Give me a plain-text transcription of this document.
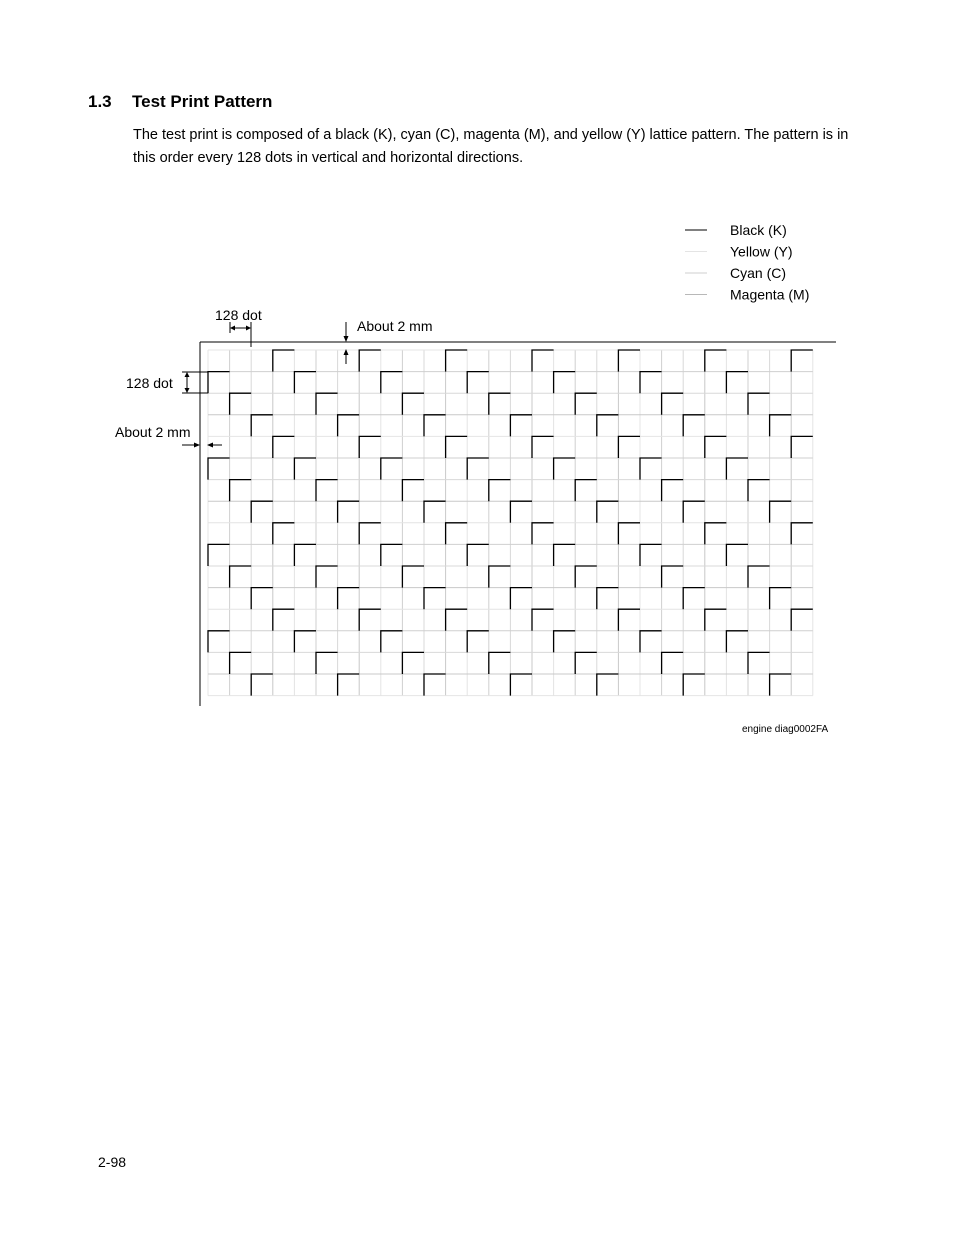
1.3 Test Print Pattern

The test print is composed of a black (K), cyan (C), magenta (M), and yellow (Y) lattice pattern. The pattern is in this order every 128 dots in vertical and horizontal directions.

Black (K)
Yellow (Y)
Cyan (C)
Magenta (M)
128 dot
About 2 mm
128 dot
About 2 mm
engine diag0002FA
2-98
